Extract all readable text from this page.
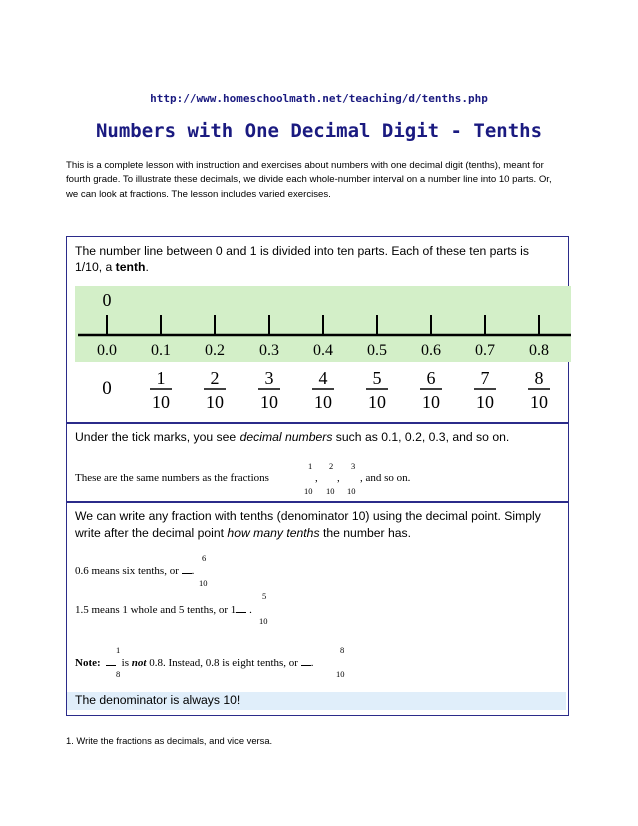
http://www.homeschoolmath.net/teaching/d/tenths.php
Numbers with One Decimal Digit - Tenths
This is a complete lesson with instruction and exercises about numbers with one decimal digit (tenths), meant for fourth grade. To illustrate these decimals, we divide each whole-number interval on a number line into 10 parts. Or, we can look at fractions. The lesson includes varied exercises.
The number line between 0 and 1 is divided into ten parts. Each of these ten parts is 1/10, a tenth.
0
0.0 0.1
1
10
0.2
2
10
0.3
3
10
0.4
4
10
0.5
5
10
0.6
6
10
0.7
7
10
0.8
8
10
0
Under the tick marks, you see decimal numbers such as 0.1, 0.2, 0.3, and so on.
These are the same numbers as the fractions
1 2 3
10 10 10
, , , and so on.
We can write any fraction with tenths (denominator 10) using the decimal point. Simply write after the decimal point how many tenths the number has.
6
0.6 means six tenths, or .
10
5
1.5 means 1 whole and 5 tenths, or 1 .
10
1	8
Note: is not 0.8. Instead, 0.8 is eight tenths, or .
8	10
The denominator is always 10!
1. Write the fractions as decimals, and vice versa.
